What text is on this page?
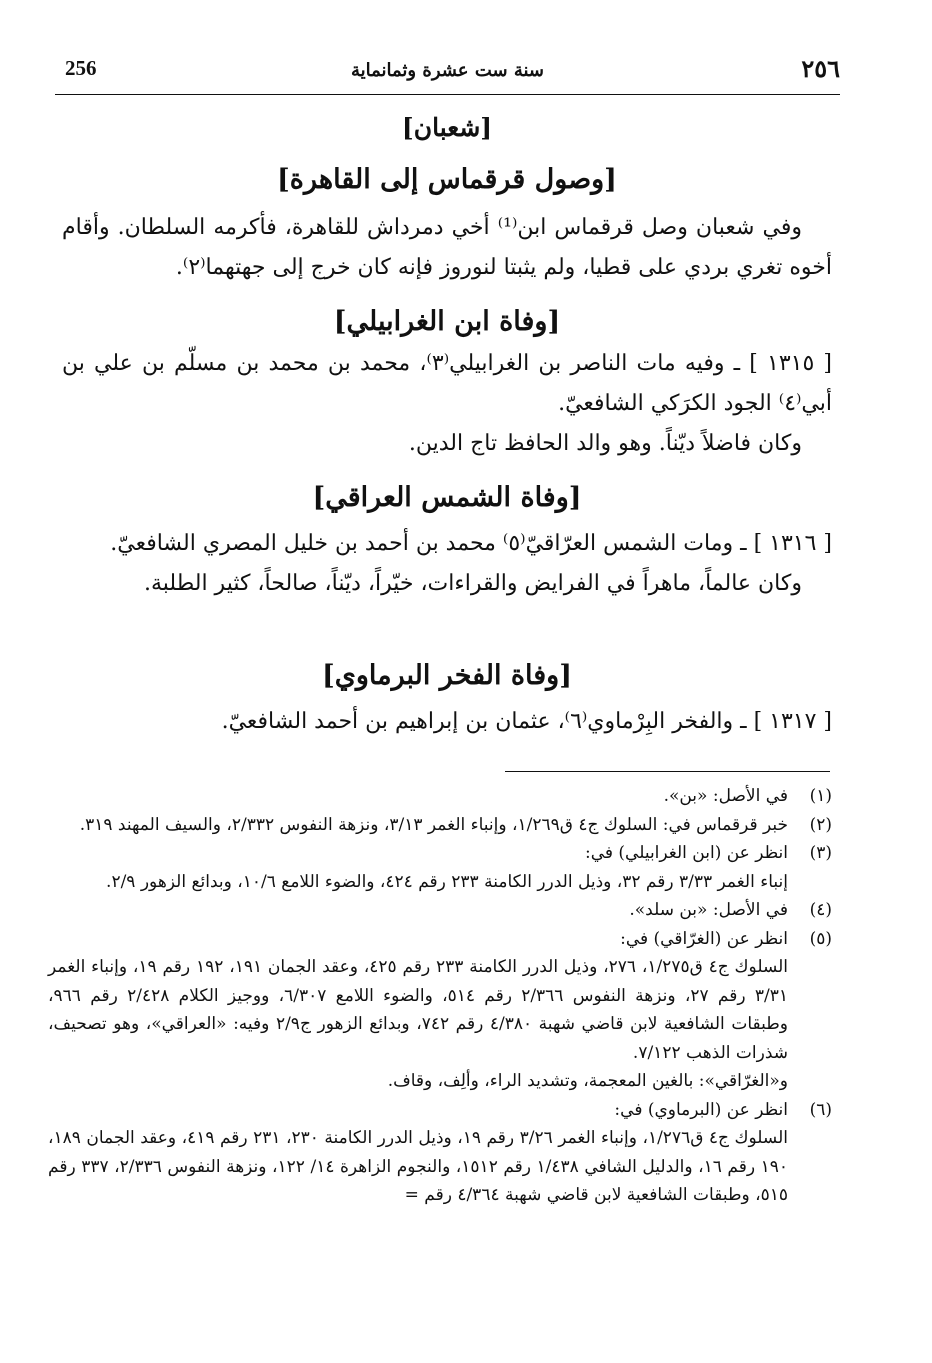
256	سنة ست عشرة وثمانماية	٢٥٦
[شعبان]
[وصول قرقماس إلى القاهرة]

وفي شعبان وصل قرقماس ابن⁽¹⁾ أخي دمرداش للقاهرة، فأكرمه السلطان. وأقام أخوه تغري بردي على قطيا، ولم يثبتا لنوروز فإنه كان خرج إلى جهتهما⁽٢⁾.

[وفاة ابن الغرابيلي]

[ ١٣١٥ ] ـ وفيه مات الناصر بن الغرابيلي⁽٣⁾، محمد بن محمد بن مسلّم بن علي بن أبي⁽٤⁾ الجود الكرَكي الشافعيّ.

وكان فاضلاً ديّناً. وهو والد الحافظ تاج الدين.

[وفاة الشمس العراقي]

[ ١٣١٦ ] ـ ومات الشمس العرّاقيّ⁽٥⁾ محمد بن أحمد بن خليل المصري الشافعيّ.

وكان عالماً، ماهراً في الفرايض والقراءات، خيّراً، ديّناً، صالحاً، كثير الطلبة.

[وفاة الفخر البرماوي]

[ ١٣١٧ ] ـ والفخر البِرْماوي⁽٦⁾، عثمان بن إبراهيم بن أحمد الشافعيّ.

(١)
في الأصل: «بن».

(٢)
خبر قرقماس في: السلوك ج٤ ق١/٢٦٩، وإنباء الغمر ٣/١٣، ونزهة النفوس ٢/٣٣٢، والسيف المهند ٣١٩.

(٣)
انظر عن (ابن الغرابيلي) في:

إنباء الغمر ٣/٣٣ رقم ٣٢، وذيل الدرر الكامنة ٢٣٣ رقم ٤٢٤، والضوء اللامع ١٠/٦، وبدائع الزهور ٢/٩.

(٤)
في الأصل: «بن سلد».

(٥)
انظر عن (الغرّاقي) في:

السلوك ج٤ ق١/٢٧٥، ٢٧٦، وذيل الدرر الكامنة ٢٣٣ رقم ٤٢٥، وعقد الجمان ١٩١، ١٩٢ رقم ١٩، وإنباء الغمر ٣/٣١ رقم ٢٧، ونزهة النفوس ٢/٣٦٦ رقم ٥١٤، والضوء اللامع ٦/٣٠٧، ووجيز الكلام ٢/٤٢٨ رقم ٩٦٦، وطبقات الشافعية لابن قاضي شهبة ٤/٣٨٠ رقم ٧٤٢، وبدائع الزهور ج٢/٩ وفيه: «العراقي»، وهو تصحيف، شذرات الذهب ٧/١٢٢.

و«الغرّاقي»: بالغين المعجمة، وتشديد الراء، وألِف، وقاف.

(٦)
انظر عن (البرماوي) في:

السلوك ج٤ ق١/٢٧٦، وإنباء الغمر ٣/٢٦ رقم ١٩، وذيل الدرر الكامنة ٢٣٠، ٢٣١ رقم ٤١٩، وعقد الجمان ١٨٩، ١٩٠ رقم ١٦، والدليل الشافي ١/٤٣٨ رقم ١٥١٢، والنجوم الزاهرة ١٤/ ١٢٢، ونزهة النفوس ٢/٣٣٦، ٣٣٧ رقم ٥١٥، وطبقات الشافعية لابن قاضي شهبة ٤/٣٦٤ رقم =
